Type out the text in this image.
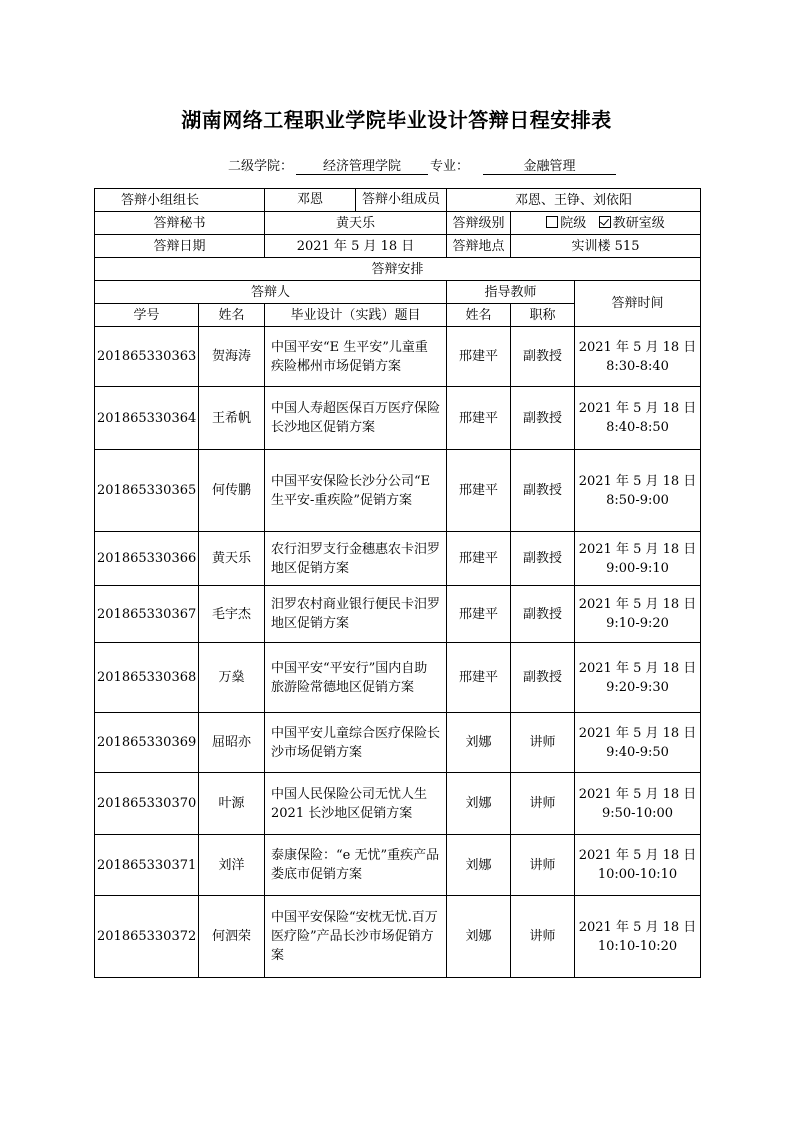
湖南网络工程职业学院毕业设计答辩日程安排表
二级学院：	经济管理学院	专业：	金融管理
答辩小组组长		邓恩 答辩小组成员	邓恩、王铮、刘依阳		
答辩秘书		黄天乐	答辩级别	院级 教研室级	
答辩日期		2021 年 5 月 18 日	答辩地点	实训楼 515	
答辩安排					
答辩人			指导教师		答辩时间
学号	姓名	毕业设计（实践）题目	姓名	职称	
201865330363	贺海涛	中国平安“E 生平安”儿童重疾险郴州市场促销方案	邢建平	副教授	2021 年 5 月 18 日
8:30-8:40

201865330364	王希帆	中国人寿超医保百万医疗保险长沙地区促销方案	邢建平	副教授	2021 年 5 月 18 日
8:40-8:50

201865330365	何传鹏	中国平安保险长沙分公司“E 生平安-重疾险”促销方案	邢建平	副教授	2021 年 5 月 18 日
8:50-9:00

201865330366	黄天乐	农行汨罗支行金穗惠农卡汨罗地区促销方案	邢建平	副教授	2021 年 5 月 18 日
9:00-9:10

201865330367	毛宇杰	汨罗农村商业银行便民卡汨罗地区促销方案	邢建平	副教授	2021 年 5 月 18 日
9:10-9:20

201865330368	万燊	中国平安“平安行”国内自助旅游险常德地区促销方案	邢建平	副教授	2021 年 5 月 18 日
9:20-9:30

201865330369	屈昭亦	中国平安儿童综合医疗保险长沙市场促销方案	刘娜	讲师	2021 年 5 月 18 日
9:40-9:50

201865330370	叶源	中国人民保险公司无忧人生 2021 长沙地区促销方案	刘娜	讲师	2021 年 5 月 18 日
9:50-10:00

201865330371	刘洋	泰康保险：“e 无忧”重疾产品娄底市促销方案	刘娜	讲师	2021 年 5 月 18 日
10:00-10:10

201865330372	何泗荣	中国平安保险“安枕无忧.百万医疗险”产品长沙市场促销方案	刘娜	讲师	2021 年 5 月 18 日
10:10-10:20
